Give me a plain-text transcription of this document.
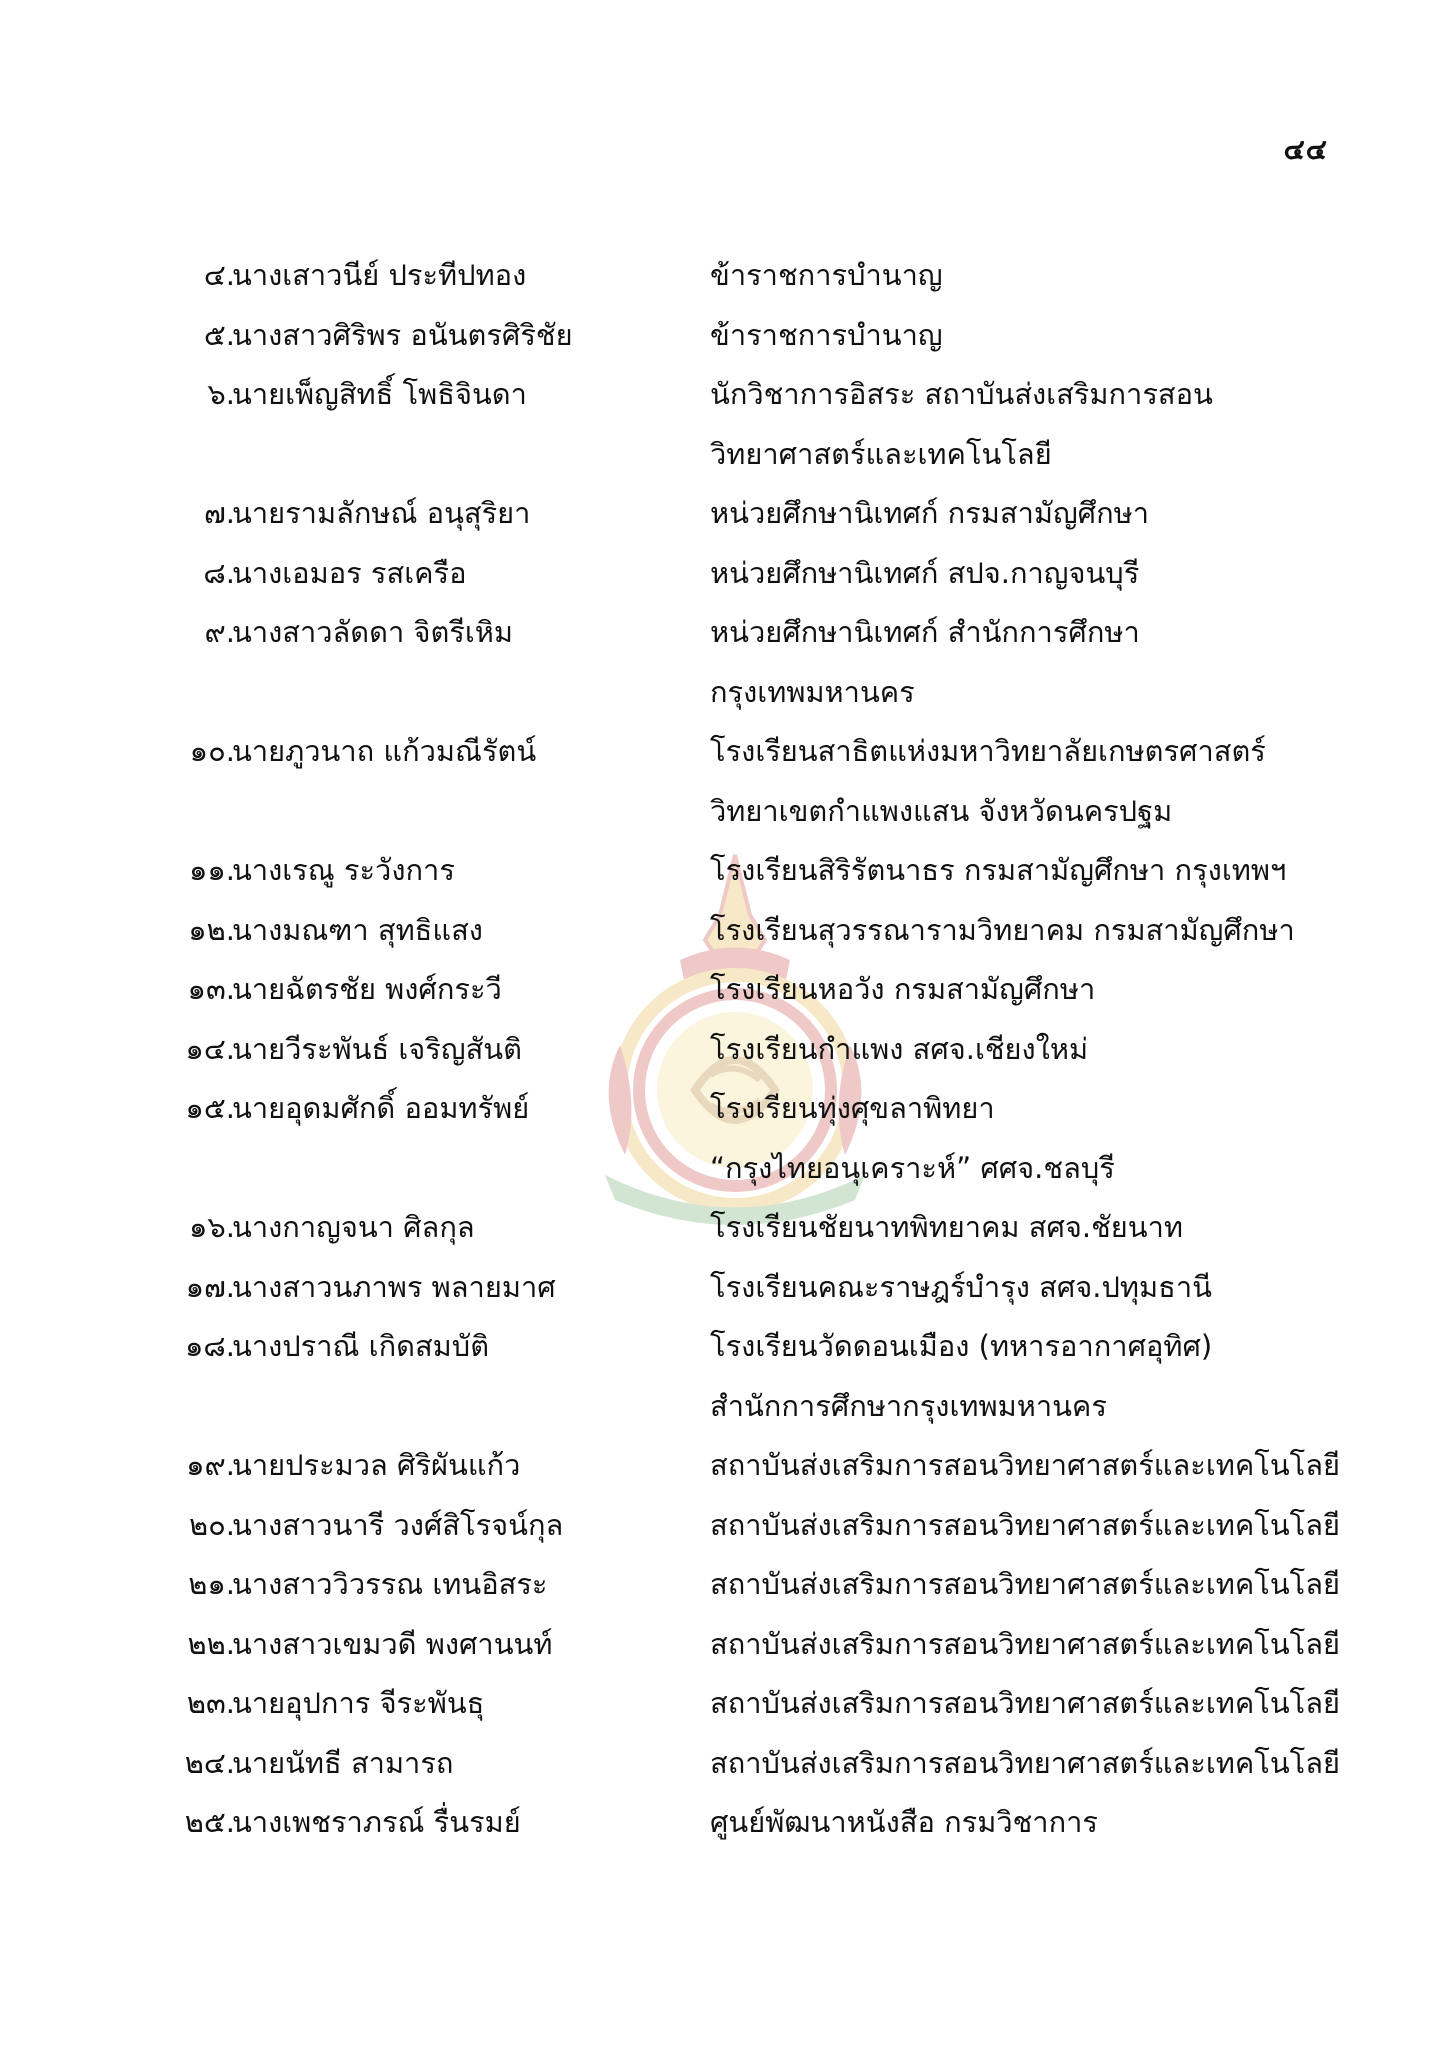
๔๔
๔.
นางเสาวนีย์ ประทีปทอง	ข้าราชการบำนาญ
๕.
นางสาวศิริพร อนันตรศิริชัย	ข้าราชการบำนาญ
๖.
นายเพ็ญสิทธิ์ โพธิจินดา	นักวิชาการอิสระ สถาบันส่งเสริมการสอน
วิทยาศาสตร์และเทคโนโลยี
๗.
นายรามลักษณ์ อนุสุริยา	หน่วยศึกษานิเทศก์ กรมสามัญศึกษา
๘.
นางเอมอร รสเครือ	หน่วยศึกษานิเทศก์ สปจ.กาญจนบุรี
๙.
นางสาวลัดดา จิตรีเหิม	หน่วยศึกษานิเทศก์ สำนักการศึกษา
กรุงเทพมหานคร
๑๐.
นายภูวนาถ แก้วมณีรัตน์	โรงเรียนสาธิตแห่งมหาวิทยาลัยเกษตรศาสตร์
วิทยาเขตกำแพงแสน จังหวัดนครปฐม
๑๑.
นางเรณู ระวังการ	โรงเรียนสิริรัตนาธร กรมสามัญศึกษา กรุงเทพฯ
๑๒.
นางมณฑา สุทธิแสง	โรงเรียนสุวรรณารามวิทยาคม กรมสามัญศึกษา
๑๓.
นายฉัตรชัย พงศ์กระวี	โรงเรียนหอวัง กรมสามัญศึกษา
๑๔.
นายวีระพันธ์ เจริญสันติ	โรงเรียนกำแพง สศจ.เชียงใหม่
๑๕.
นายอุดมศักดิ์ ออมทรัพย์	โรงเรียนทุ่งศุขลาพิทยา
“กรุงไทยอนุเคราะห์” ศศจ.ชลบุรี
๑๖.
นางกาญจนา ศิลกุล	โรงเรียนชัยนาทพิทยาคม สศจ.ชัยนาท
๑๗.
นางสาวนภาพร พลายมาศ	โรงเรียนคณะราษฎร์บำรุง สศจ.ปทุมธานี
๑๘.
นางปราณี เกิดสมบัติ	โรงเรียนวัดดอนเมือง (ทหารอากาศอุทิศ)
สำนักการศึกษากรุงเทพมหานคร
๑๙.
นายประมวล ศิริผันแก้ว	สถาบันส่งเสริมการสอนวิทยาศาสตร์และเทคโนโลยี
๒๐.
นางสาวนารี วงศ์สิโรจน์กุล	สถาบันส่งเสริมการสอนวิทยาศาสตร์และเทคโนโลยี
๒๑.
นางสาววิวรรณ เทนอิสระ	สถาบันส่งเสริมการสอนวิทยาศาสตร์และเทคโนโลยี
๒๒.
นางสาวเขมวดี พงศานนท์	สถาบันส่งเสริมการสอนวิทยาศาสตร์และเทคโนโลยี
๒๓.
นายอุปการ จีระพันธุ	สถาบันส่งเสริมการสอนวิทยาศาสตร์และเทคโนโลยี
๒๔.
นายนัทธี สามารถ	สถาบันส่งเสริมการสอนวิทยาศาสตร์และเทคโนโลยี
๒๕.
นางเพชราภรณ์ รื่นรมย์	ศูนย์พัฒนาหนังสือ กรมวิชาการ
